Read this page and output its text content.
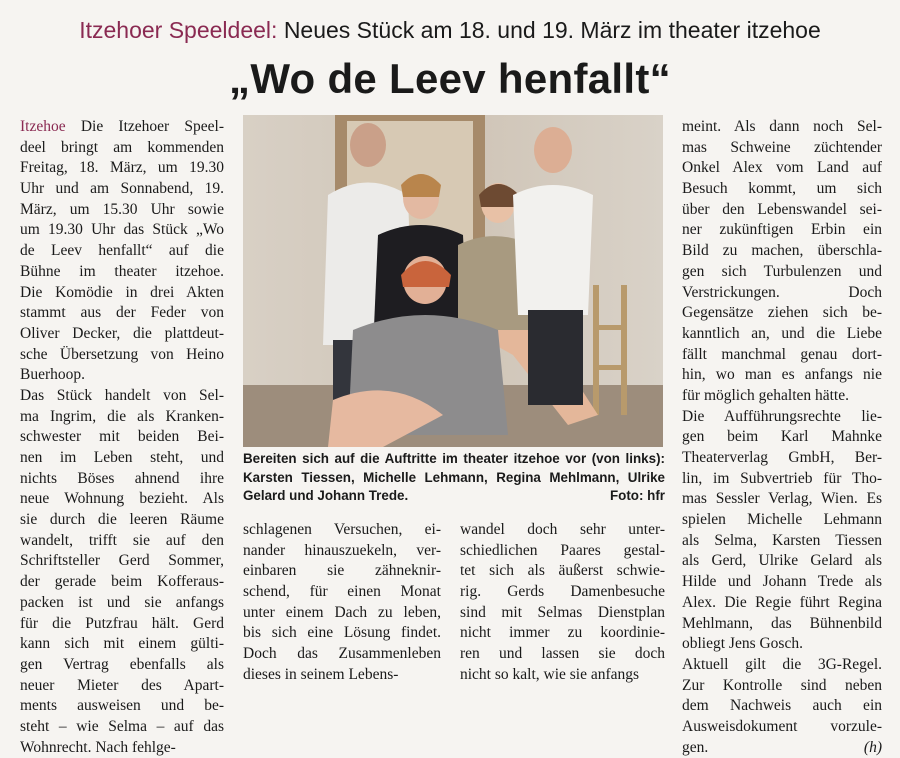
Itzehoer Speeldeel: Neues Stück am 18. und 19. März im theater itzehoe
„Wo de Leev henfallt“
Itzehoe Die Itzehoer Speel-
deel bringt am kommenden
Freitag, 18. März, um 19.30
Uhr und am Sonnabend, 19.
März, um 15.30 Uhr sowie
um 19.30 Uhr das Stück „Wo
de Leev henfallt“ auf die
Bühne im theater itzehoe.
Die Komödie in drei Akten
stammt aus der Feder von
Oliver Decker, die plattdeut-
sche Übersetzung von Heino
Buerhoop.
Das Stück handelt von Sel-
ma Ingrim, die als Kranken-
schwester mit beiden Bei-
nen im Leben steht, und
nichts Böses ahnend ihre
neue Wohnung bezieht. Als
sie durch die leeren Räume
wandelt, trifft sie auf den
Schriftsteller Gerd Sommer,
der gerade beim Kofferaus-
packen ist und sie anfangs
für die Putzfrau hält. Gerd
kann sich mit einem gülti-
gen Vertrag ebenfalls als
neuer Mieter des Apart-
ments ausweisen und be-
steht – wie Selma – auf das
Wohnrecht. Nach fehlge-
Bereiten sich auf die Auftritte im theater itzehoe vor (von links):
Karsten Tiessen, Michelle Lehmann, Regina Mehlmann, Ulrike
Gelard und Johann Trede.	Foto: hfr
schlagenen Versuchen, ei-
nander hinauszuekeln, ver-
einbaren sie zähneknir-
schend, für einen Monat
unter einem Dach zu leben,
bis sich eine Lösung findet.
Doch das Zusammenleben
dieses in seinem Lebens-
wandel doch sehr unter-
schiedlichen Paares gestal-
tet sich als äußerst schwie-
rig. Gerds Damenbesuche
sind mit Selmas Dienstplan
nicht immer zu koordinie-
ren und lassen sie doch
nicht so kalt, wie sie anfangs
meint. Als dann noch Sel-
mas Schweine züchtender
Onkel Alex vom Land auf
Besuch kommt, um sich
über den Lebenswandel sei-
ner zukünftigen Erbin ein
Bild zu machen, überschla-
gen sich Turbulenzen und
Verstrickungen. Doch
Gegensätze ziehen sich be-
kanntlich an, und die Liebe
fällt manchmal genau dort-
hin, wo man es anfangs nie
für möglich gehalten hätte.
Die Aufführungsrechte lie-
gen beim Karl Mahnke
Theaterverlag GmbH, Ber-
lin, im Subvertrieb für Tho-
mas Sessler Verlag, Wien. Es
spielen Michelle Lehmann
als Selma, Karsten Tiessen
als Gerd, Ulrike Gelard als
Hilde und Johann Trede als
Alex. Die Regie führt Regina
Mehlmann, das Bühnenbild
obliegt Jens Gosch.
Aktuell gilt die 3G-Regel.
Zur Kontrolle sind neben
dem Nachweis auch ein
Ausweisdokument vorzule-
gen.	(h)
